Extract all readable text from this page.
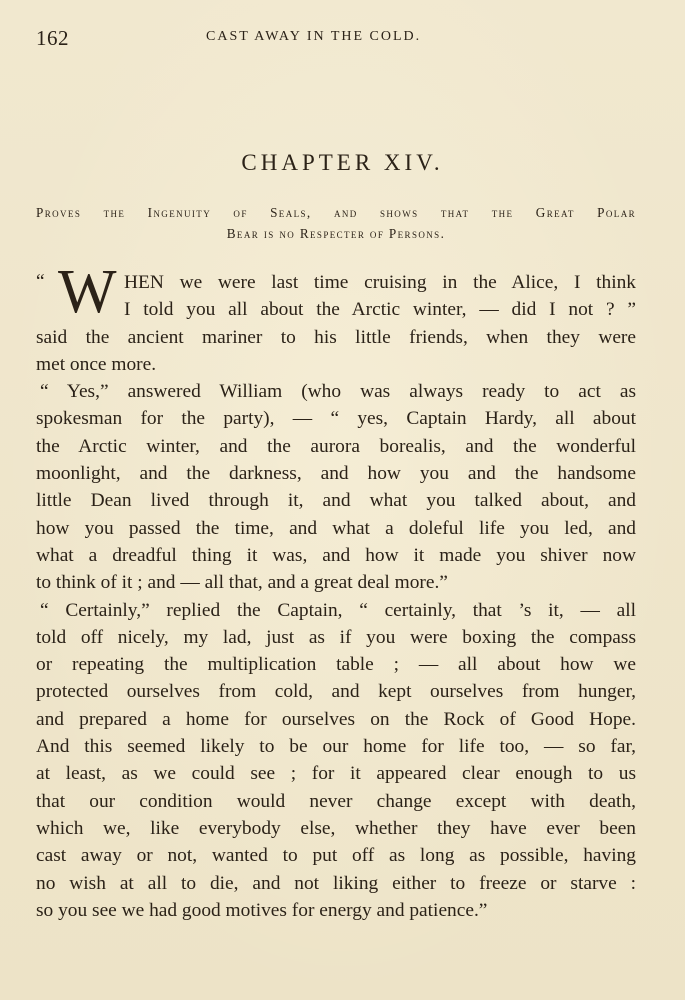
162	CAST AWAY IN THE COLD.
CHAPTER XIV.
Proves the Ingenuity of Seals, and shows that the Great Polar
Bear is no Respecter of Persons.
“ W HEN we were last time cruising in the Alice, I think
I told you all about the Arctic winter, — did I not ? ”
said the ancient mariner to his little friends, when they were
met once more.
“ Yes,” answered William (who was always ready to act as
spokesman for the party), — “ yes, Captain Hardy, all about
the Arctic winter, and the aurora borealis, and the wonderful
moonlight, and the darkness, and how you and the handsome
little Dean lived through it, and what you talked about, and
how you passed the time, and what a doleful life you led, and
what a dreadful thing it was, and how it made you shiver now
to think of it ; and — all that, and a great deal more.”
“ Certainly,” replied the Captain, “ certainly, that ’s it, — all
told off nicely, my lad, just as if you were boxing the compass
or repeating the multiplication table ; — all about how we
protected ourselves from cold, and kept ourselves from hunger,
and prepared a home for ourselves on the Rock of Good Hope.
And this seemed likely to be our home for life too, — so far,
at least, as we could see ; for it appeared clear enough to us
that our condition would never change except with death,
which we, like everybody else, whether they have ever been
cast away or not, wanted to put off as long as possible, having
no wish at all to die, and not liking either to freeze or starve :
so you see we had good motives for energy and patience.”
